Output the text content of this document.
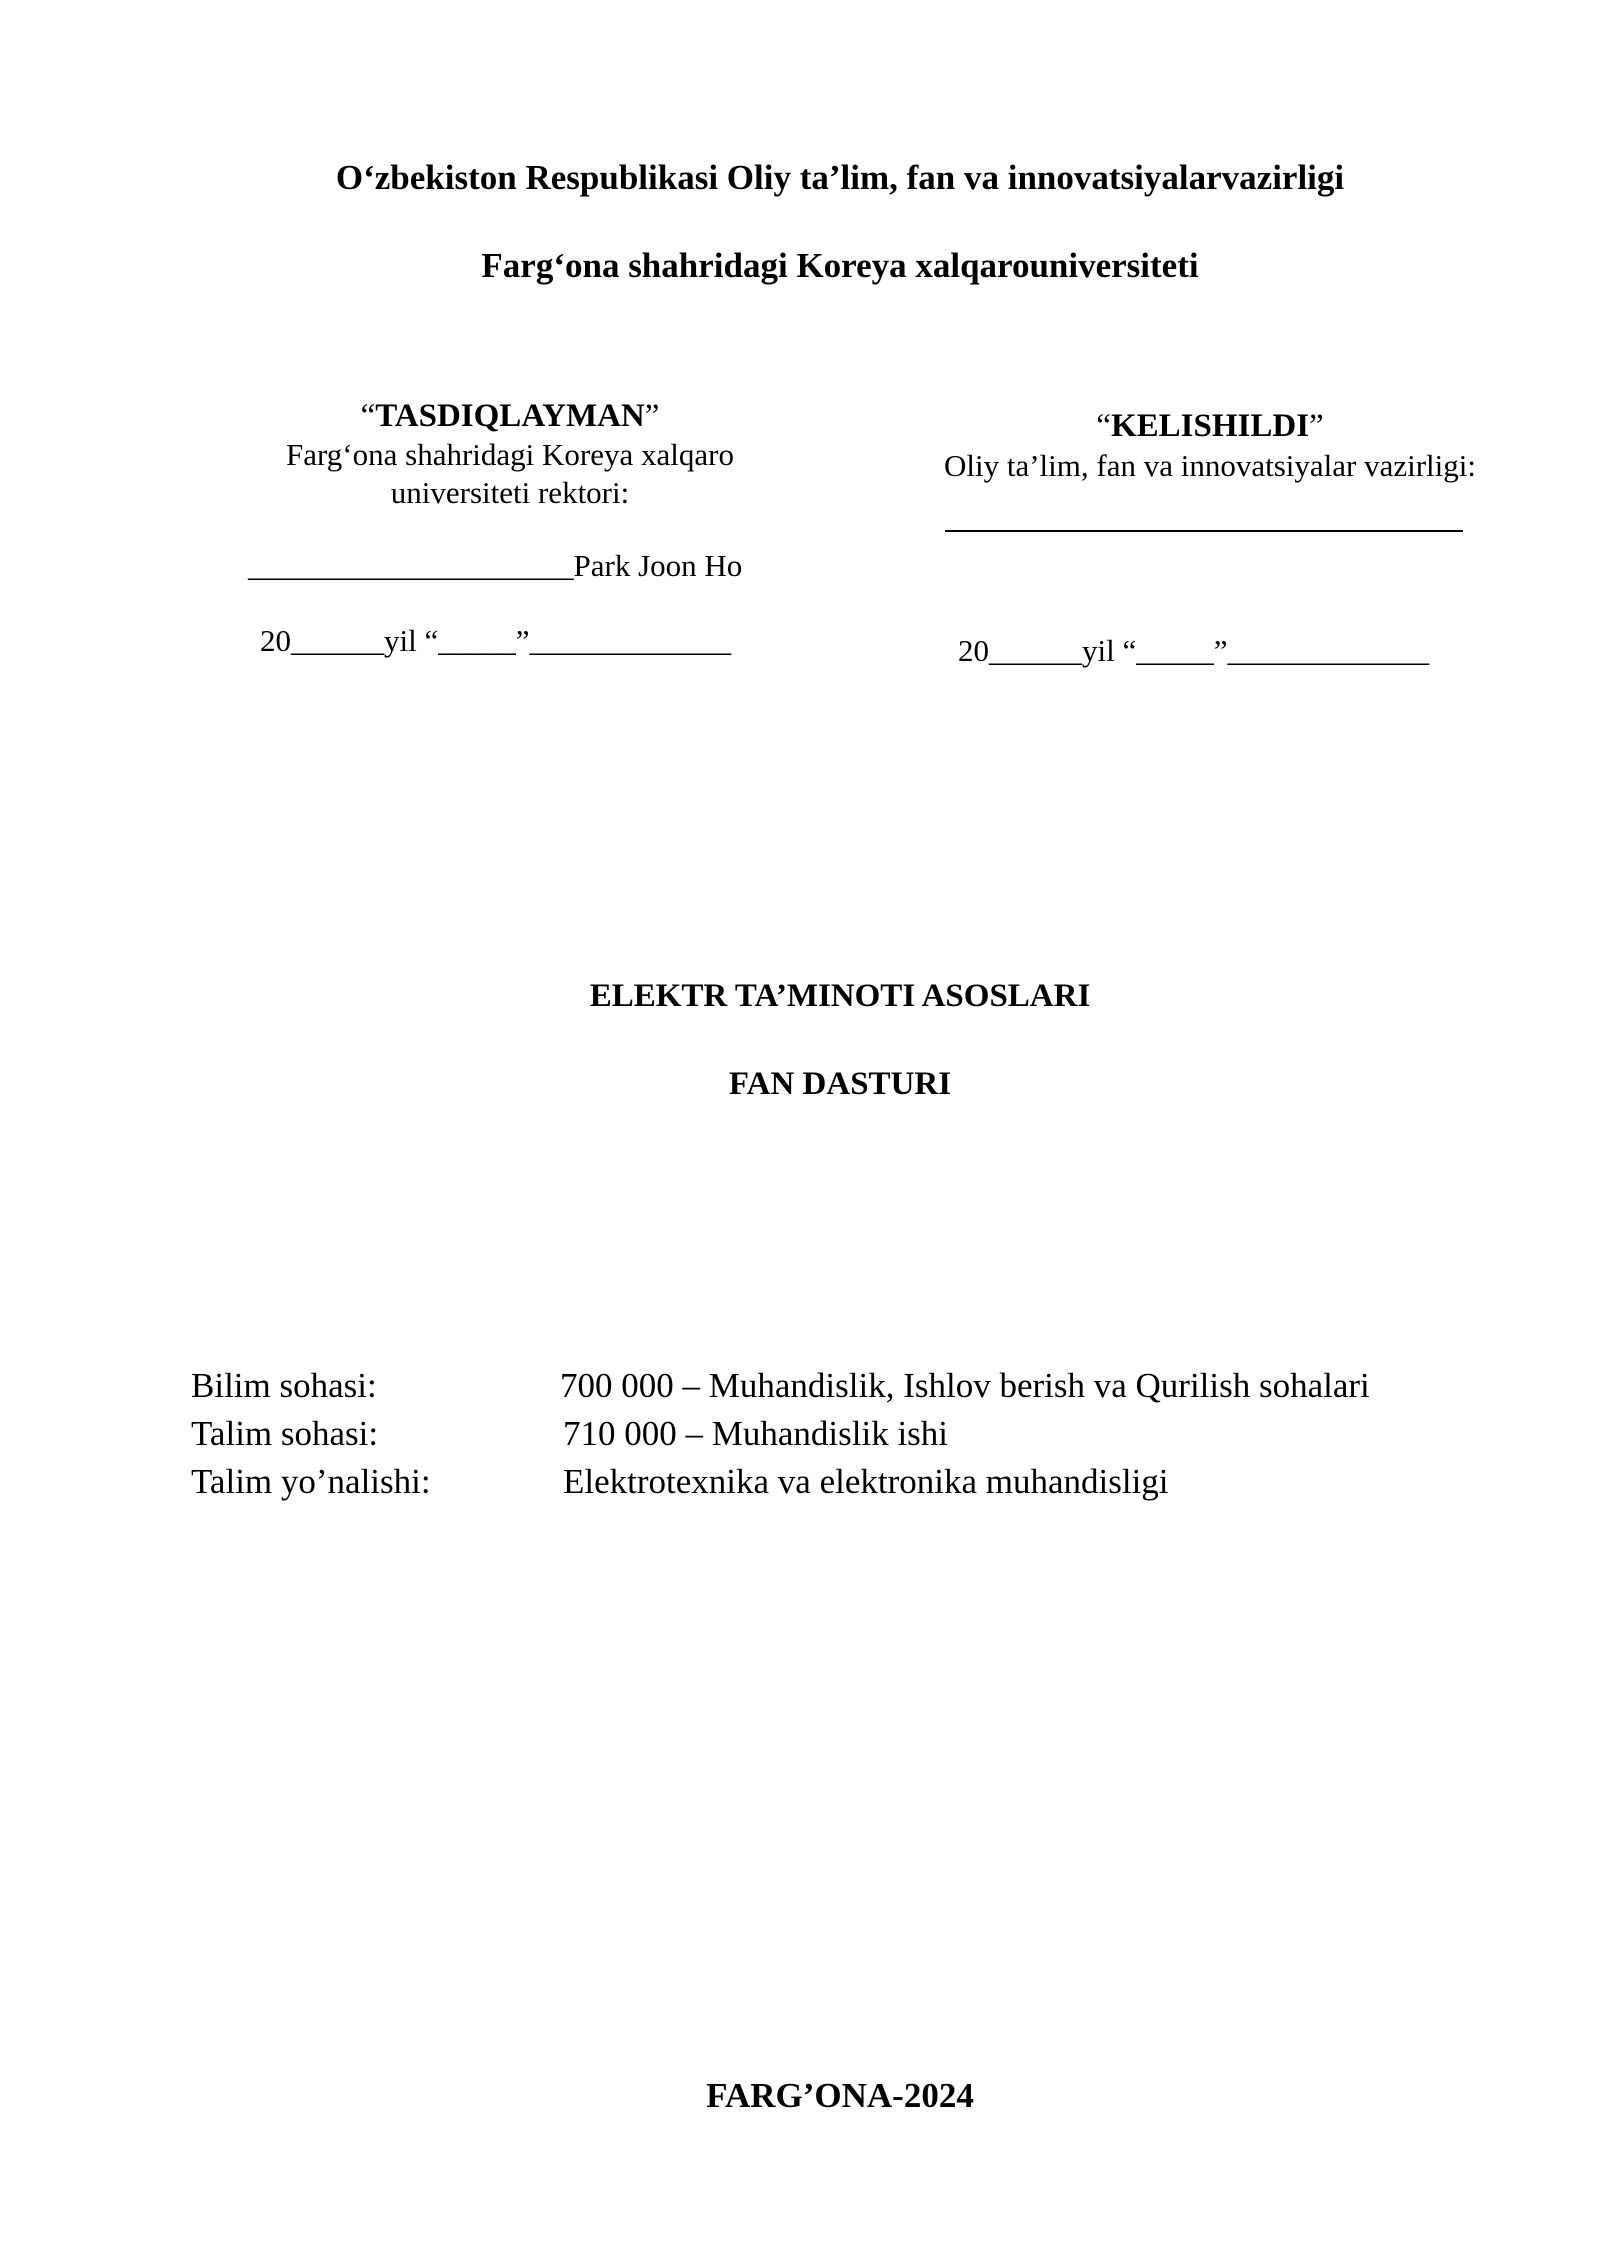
O‘zbekiston Respublikasi Oliy ta’lim, fan va innovatsiyalarvazirligi
Farg‘ona shahridagi Koreya xalqarouniversiteti
“TASDIQLAYMAN”
Farg‘ona shahridagi Koreya xalqaro
universiteti rektori:
_____________________Park Joon Ho
20______yil “_____”_____________
“KELISHILDI”
Oliy ta’lim, fan va innovatsiyalar vazirligi:
20______yil “_____”_____________
ELEKTR TA’MINOTI ASOSLARI
FAN DASTURI
Bilim sohasi:	700 000 – Muhandislik, Ishlov berish va Qurilish sohalari
Talim sohasi:	710 000 – Muhandislik ishi
Talim yo’nalishi:	Elektrotexnika va elektronika muhandisligi
FARG’ONA-2024
